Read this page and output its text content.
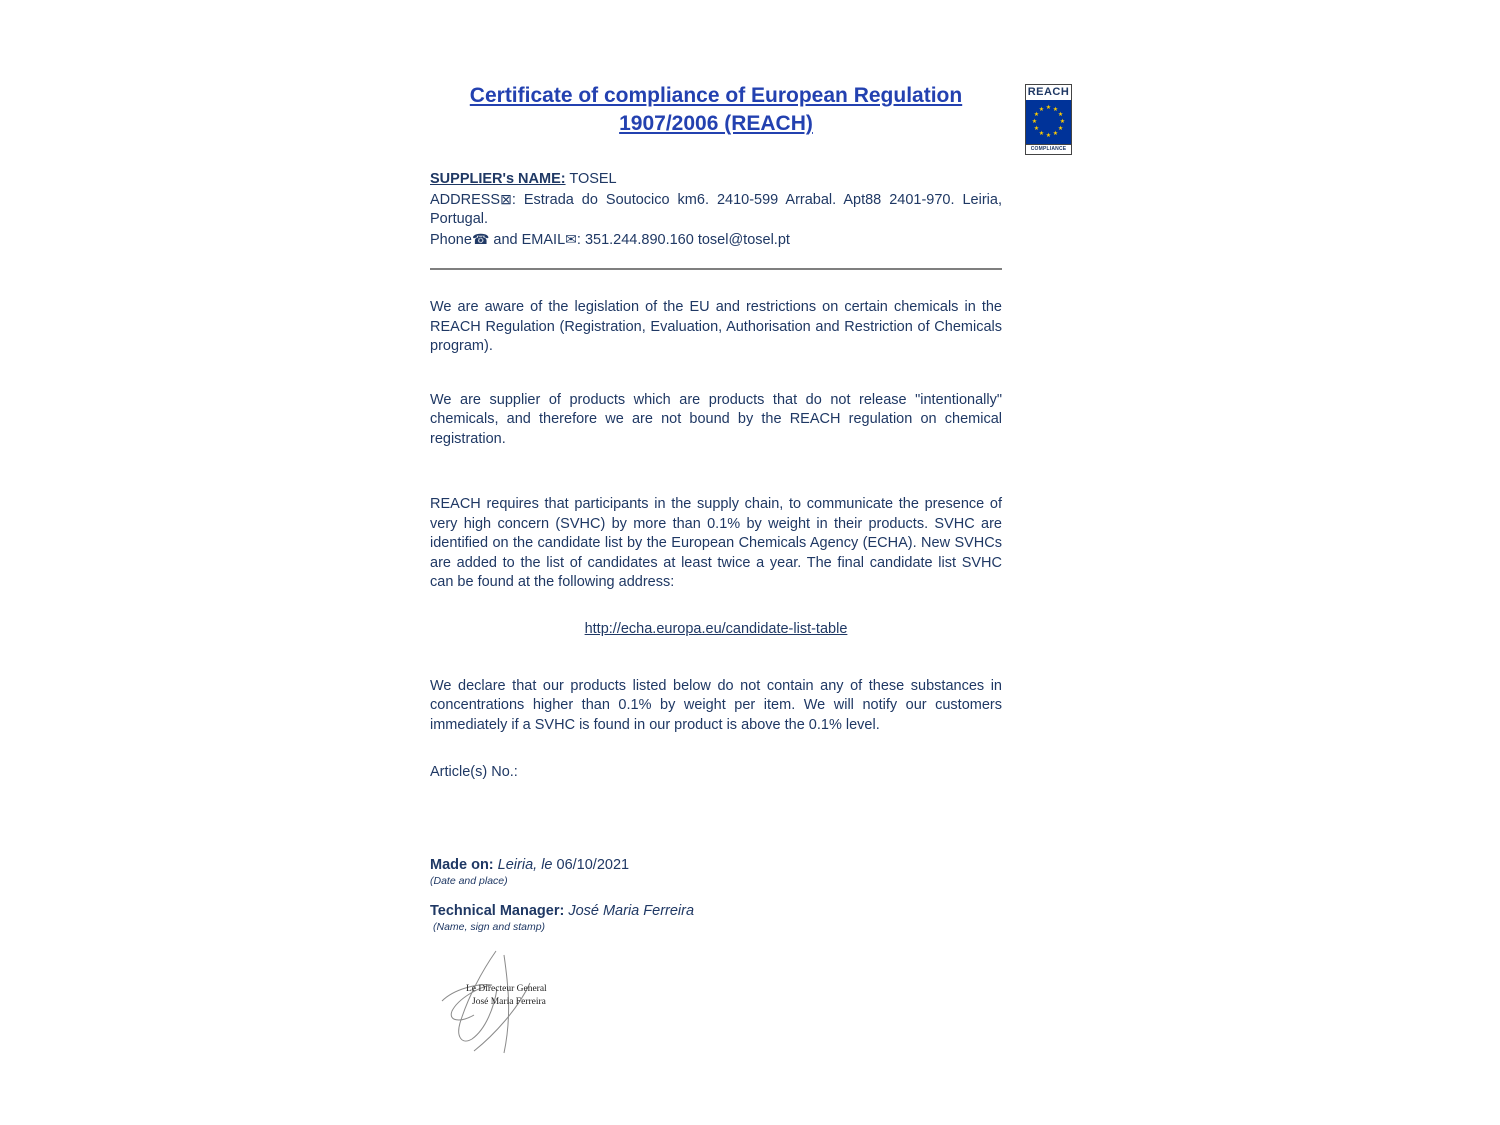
REACH
★ ★
★
★
★
★
★
★
★
★
★
★
COMPLIANCE
Certificate of compliance of European Regulation
1907/2006 (REACH)
SUPPLIER's NAME: TOSEL
ADDRESS⊠: Estrada do Soutocico km6. 2410-599 Arrabal. Apt88 2401-970. Leiria, Portugal.
Phone☎ and EMAIL✉: 351.244.890.160 tosel@tosel.pt
We are aware of the legislation of the EU and restrictions on certain chemicals in the REACH Regulation (Registration, Evaluation, Authorisation and Restriction of Chemicals program).
We are supplier of products which are products that do not release "intentionally" chemicals, and therefore we are not bound by the REACH regulation on chemical registration.
REACH requires that participants in the supply chain, to communicate the presence of very high concern (SVHC) by more than 0.1% by weight in their products. SVHC are identified on the candidate list by the European Chemicals Agency (ECHA). New SVHCs are added to the list of candidates at least twice a year. The final candidate list SVHC can be found at the following address:
http://echa.europa.eu/candidate-list-table
We declare that our products listed below do not contain any of these substances in concentrations higher than 0.1% by weight per item. We will notify our customers immediately if a SVHC is found in our product is above the 0.1% level.
Article(s) No.:
Made on: Leiria, le 06/10/2021
(Date and place)
Technical Manager: José Maria Ferreira
(Name, sign and stamp)
Le Directeur General
José Maria Ferreira
